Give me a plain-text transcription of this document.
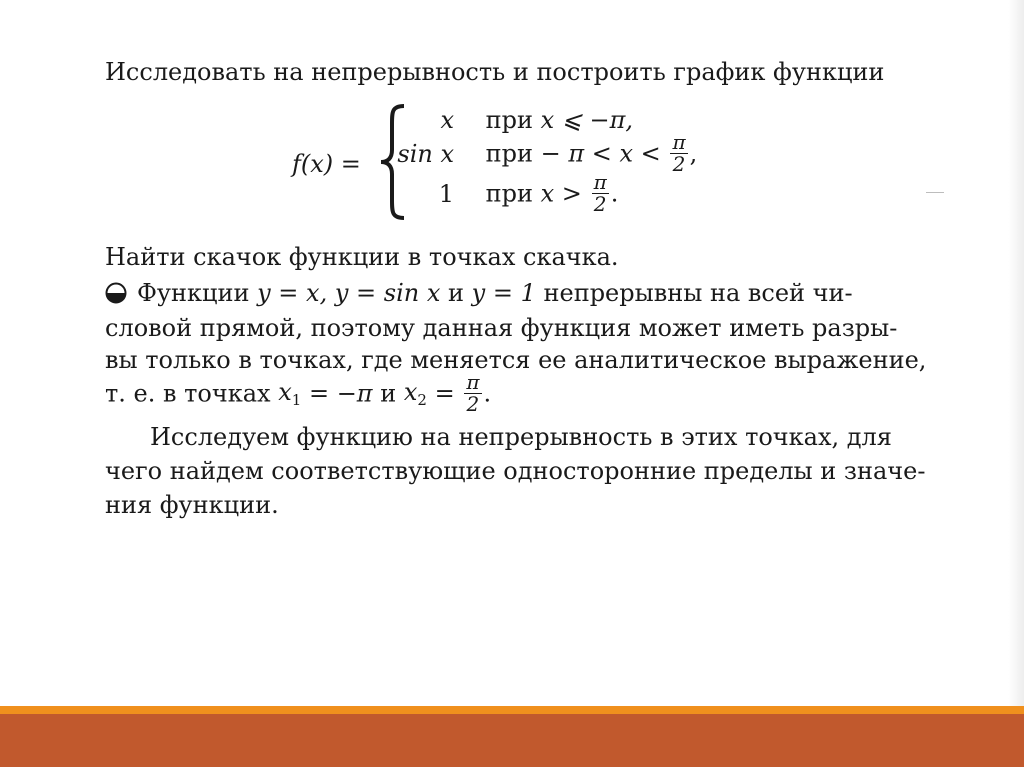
Исследовать на непрерывность и построить график функции
f(x) =
x при x ⩽ −π,
sin x при − $\pi < x < \frac{\pi}{2}$ ,
1 при $x > \frac{\pi}{2}$ .
Найти скачок функции в точках скачка.
Функции y = x, y = sin x и y = 1 непрерывны на всей чи-
словой прямой, поэтому данная функция может иметь разры-
вы только в точках, где меняется ее аналитическое выражение,
т. е. в точках $x_1 = -\pi$ и $x_2 = \frac{\pi}{2}$ .
Исследуем функцию на непрерывность в этих точках, для
чего найдем соответствующие односторонние пределы и значе-
ния функции.
